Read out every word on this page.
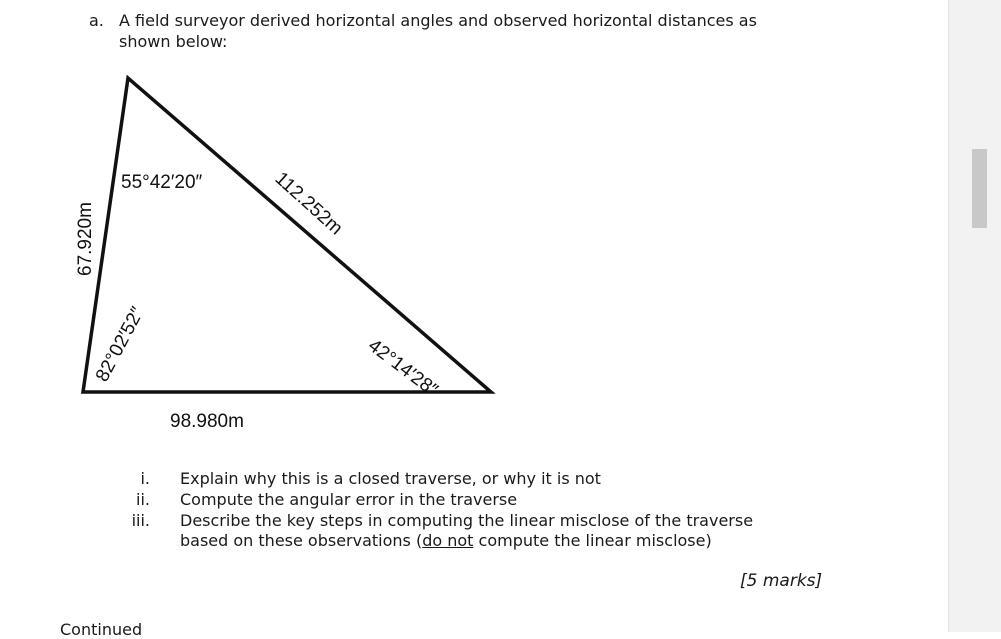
a. A field surveyor derived horizontal angles and observed horizontal distances as
shown below:
55°42′20″
82°02′52″	42°14′28″
67.920m	112.252m
98.980m
i. Explain why this is a closed traverse, or why it is not
ii. Compute the angular error in the traverse
iii. Describe the key steps in computing the linear misclose of the traverse
based on these observations (do not compute the linear misclose)
[5 marks]
Continued
